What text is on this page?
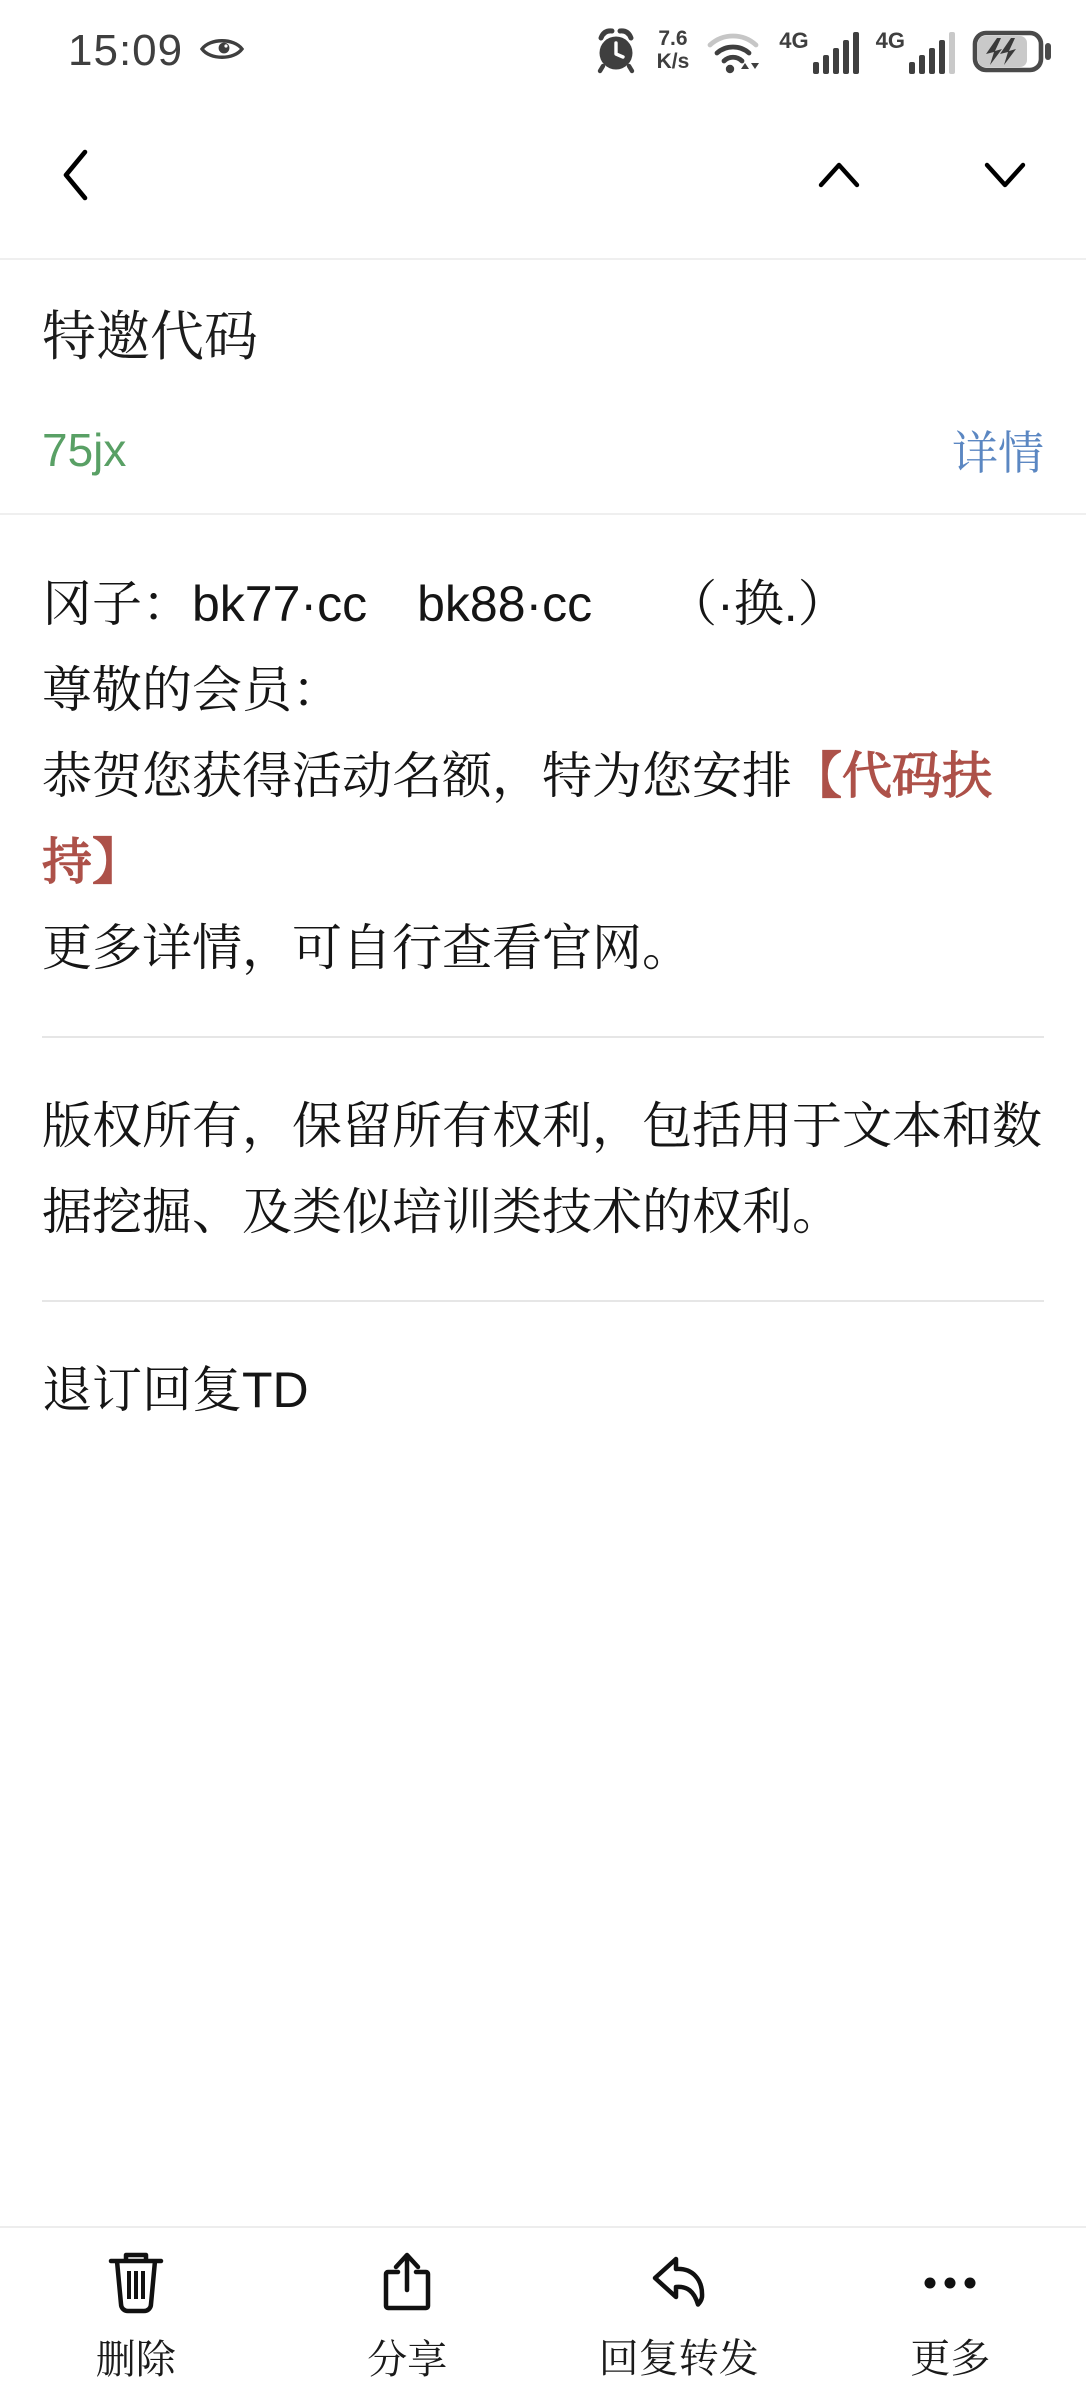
15:09	7.6
K/s
4G	4G
特邀代码
75jx	详情

冈子：bk77·cc　bk88·cc　　（·换.）

尊敬的会员：

恭贺您获得活动名额，特为您安排【代码扶持】

更多详情，可自行查看官网。

版权所有，保留所有权利，包括用于文本和数据挖掘、及类似培训类技术的权利。

退订回复TD

删除	分享	回复转发	更多
